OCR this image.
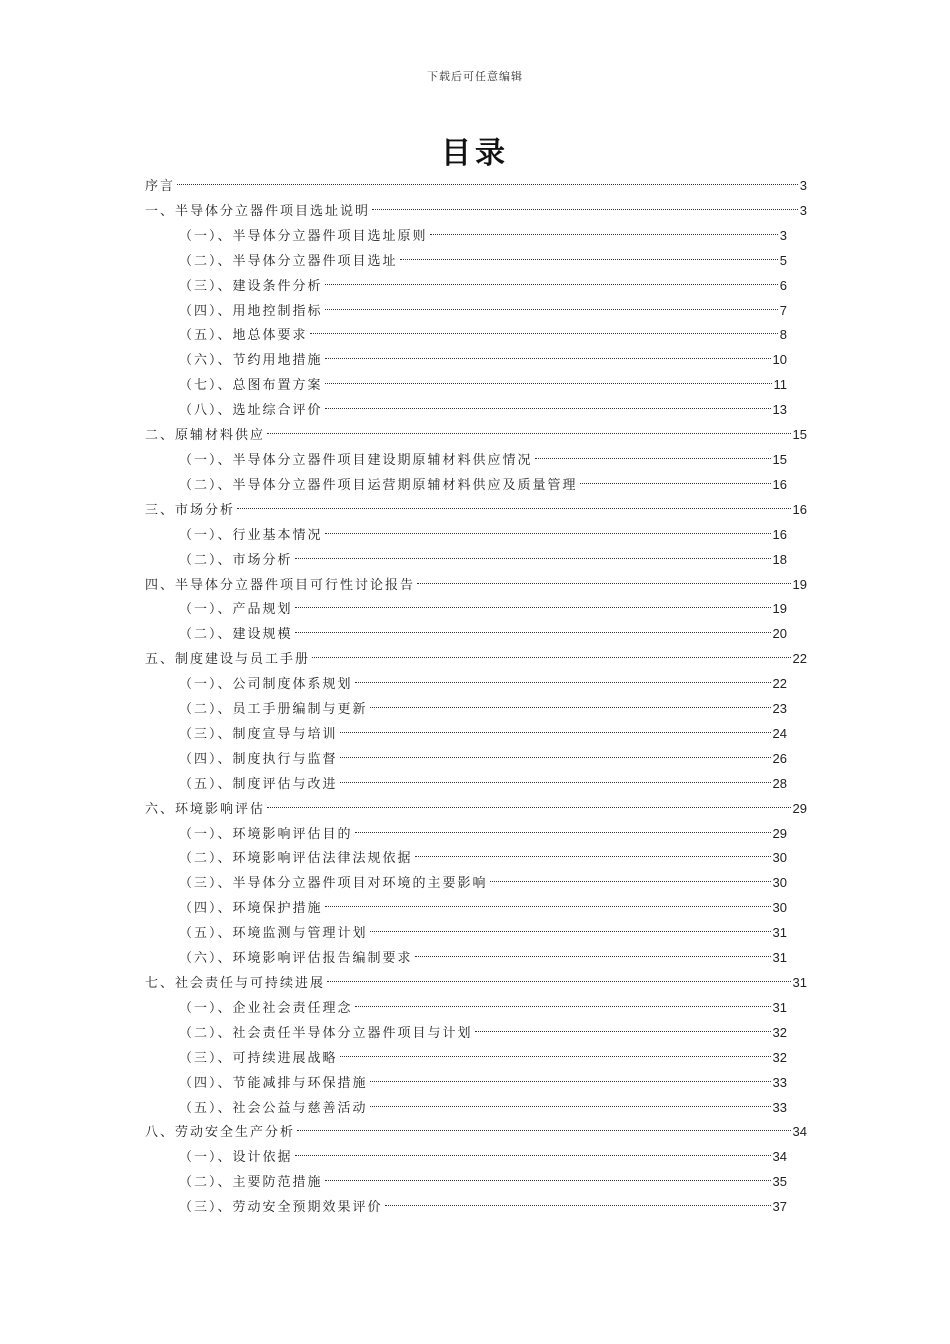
下载后可任意编辑
目录
序言	3
一、半导体分立器件项目选址说明	3
（一）、半导体分立器件项目选址原则	3
（二）、半导体分立器件项目选址	5
（三）、建设条件分析	6
（四）、用地控制指标	7
（五）、地总体要求	8
（六）、节约用地措施	10
（七）、总图布置方案	11
（八）、选址综合评价	13
二、原辅材料供应	15
（一）、半导体分立器件项目建设期原辅材料供应情况	15
（二）、半导体分立器件项目运营期原辅材料供应及质量管理	16
三、市场分析	16
（一）、行业基本情况	16
（二）、市场分析	18
四、半导体分立器件项目可行性讨论报告	19
（一）、产品规划	19
（二）、建设规模	20
五、制度建设与员工手册	22
（一）、公司制度体系规划	22
（二）、员工手册编制与更新	23
（三）、制度宣导与培训	24
（四）、制度执行与监督	26
（五）、制度评估与改进	28
六、环境影响评估	29
（一）、环境影响评估目的	29
（二）、环境影响评估法律法规依据	30
（三）、半导体分立器件项目对环境的主要影响	30
（四）、环境保护措施	30
（五）、环境监测与管理计划	31
（六）、环境影响评估报告编制要求	31
七、社会责任与可持续进展	31
（一）、企业社会责任理念	31
（二）、社会责任半导体分立器件项目与计划	32
（三）、可持续进展战略	32
（四）、节能减排与环保措施	33
（五）、社会公益与慈善活动	33
八、劳动安全生产分析	34
（一）、设计依据	34
（二）、主要防范措施	35
（三）、劳动安全预期效果评价	37
